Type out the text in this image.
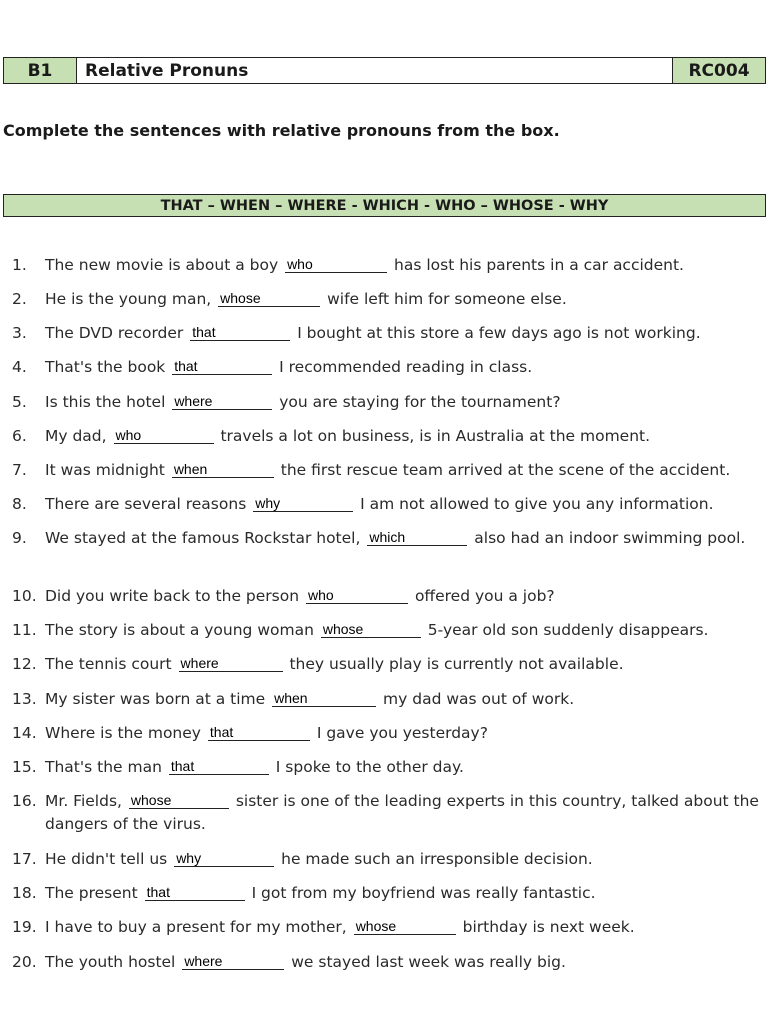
B1	Relative Pronuns	RC004
Complete the sentences with relative pronouns from the box.
THAT – WHEN – WHERE - WHICH - WHO – WHOSE - WHY
1.	The new movie is about a boy who	has lost his parents in a car accident.
2.	He is the young man, whose	wife left him for someone else.
3.	The DVD recorder that	I bought at this store a few days ago is not working.
4.	That's the book that	I recommended reading in class.
5.	Is this the hotel where	you are staying for the tournament?
6.	My dad, who	travels a lot on business, is in Australia at the moment.
7.	It was midnight when	the first rescue team arrived at the scene of the accident.
8.	There are several reasons why	I am not allowed to give you any information.
9.	We stayed at the famous Rockstar hotel, which	also had an indoor swimming pool.
10. Did you write back to the person who	offered you a job?
11. The story is about a young woman whose	5-year old son suddenly disappears.
12. The tennis court where	they usually play is currently not available.
13. My sister was born at a time when	my dad was out of work.
14. Where is the money that	I gave you yesterday?
15. That's the man that	I spoke to the other day.
16. Mr. Fields, whose	sister is one of the leading experts in this country, talked about the dangers of the virus.
17. He didn't tell us why	he made such an irresponsible decision.
18. The present that	I got from my boyfriend was really fantastic.
19. I have to buy a present for my mother, whose	birthday is next week.
20. The youth hostel where	we stayed last week was really big.
